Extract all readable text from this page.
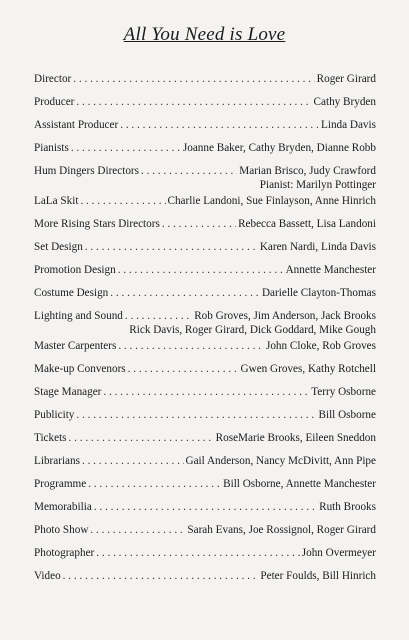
All You Need is Love
Director . . .	Roger Girard
Producer . . .	Cathy Bryden
Assistant Producer . . .	Linda Davis
Pianists . . .	Joanne Baker, Cathy Bryden, Dianne Robb
Hum Dingers Directors . . .	Marian Brisco, Judy Crawford
Pianist: Marilyn Pottinger
LaLa Skit . . .	Charlie Landoni, Sue Finlayson, Anne Hinrich
More Rising Stars Directors . . .	Rebecca Bassett, Lisa Landoni
Set Design . . .	Karen Nardi, Linda Davis
Promotion Design . . .	Annette Manchester
Costume Design . . .	Darielle Clayton-Thomas
Lighting and Sound . . .	Rob Groves, Jim Anderson, Jack Brooks
Rick Davis, Roger Girard, Dick Goddard, Mike Gough
Master Carpenters . . .	John Cloke, Rob Groves
Make-up Convenors . . .	Gwen Groves, Kathy Rotchell
Stage Manager . . .	Terry Osborne
Publicity . . .	Bill Osborne
Tickets . . .	RoseMarie Brooks, Eileen Sneddon
Librarians . . .	Gail Anderson, Nancy McDivitt, Ann Pipe
Programme . . .	Bill Osborne, Annette Manchester
Memorabilia . . .	Ruth Brooks
Photo Show . . .	Sarah Evans, Joe Rossignol, Roger Girard
Photographer . . .	John Overmeyer
Video . . .	Peter Foulds, Bill Hinrich
